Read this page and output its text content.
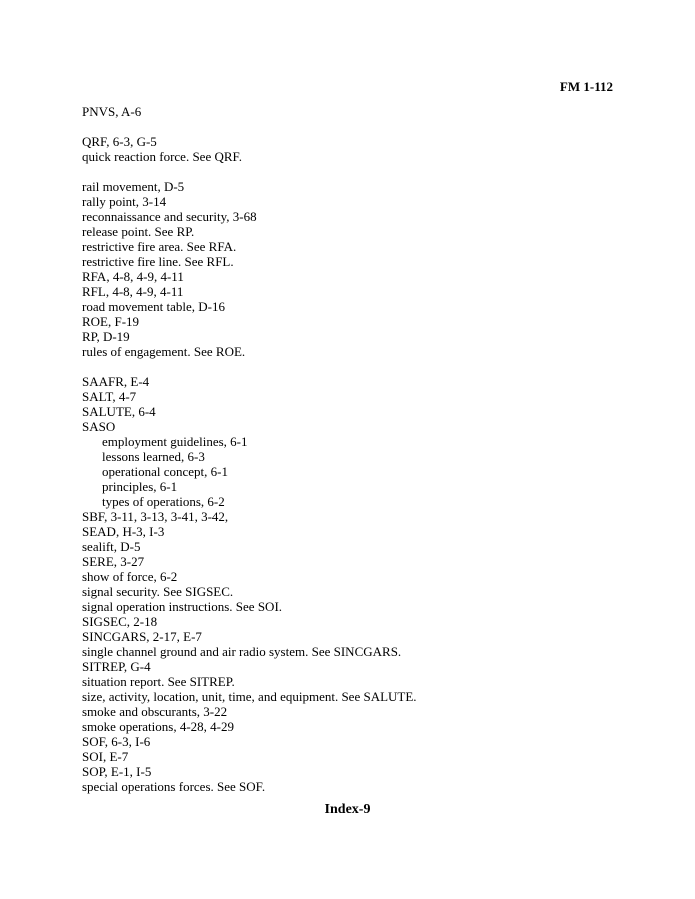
FM 1-112
PNVS, A-6
QRF, 6-3, G-5
quick reaction force. See QRF.
rail movement, D-5
rally point, 3-14
reconnaissance and security, 3-68
release point. See RP.
restrictive fire area. See RFA.
restrictive fire line. See RFL.
RFA, 4-8, 4-9, 4-11
RFL, 4-8, 4-9, 4-11
road movement table, D-16
ROE, F-19
RP, D-19
rules of engagement. See ROE.
SAAFR, E-4
SALT, 4-7
SALUTE, 6-4
SASO
employment guidelines, 6-1
lessons learned, 6-3
operational concept, 6-1
principles, 6-1
types of operations, 6-2
SBF, 3-11, 3-13, 3-41, 3-42,
SEAD, H-3, I-3
sealift, D-5
SERE, 3-27
show of force, 6-2
signal security. See SIGSEC.
signal operation instructions. See SOI.
SIGSEC, 2-18
SINCGARS, 2-17, E-7
single channel ground and air radio system. See SINCGARS.
SITREP, G-4
situation report. See SITREP.
size, activity, location, unit, time, and equipment. See SALUTE.
smoke and obscurants, 3-22
smoke operations, 4-28, 4-29
SOF, 6-3, I-6
SOI, E-7
SOP, E-1, I-5
special operations forces. See SOF.
Index-9
